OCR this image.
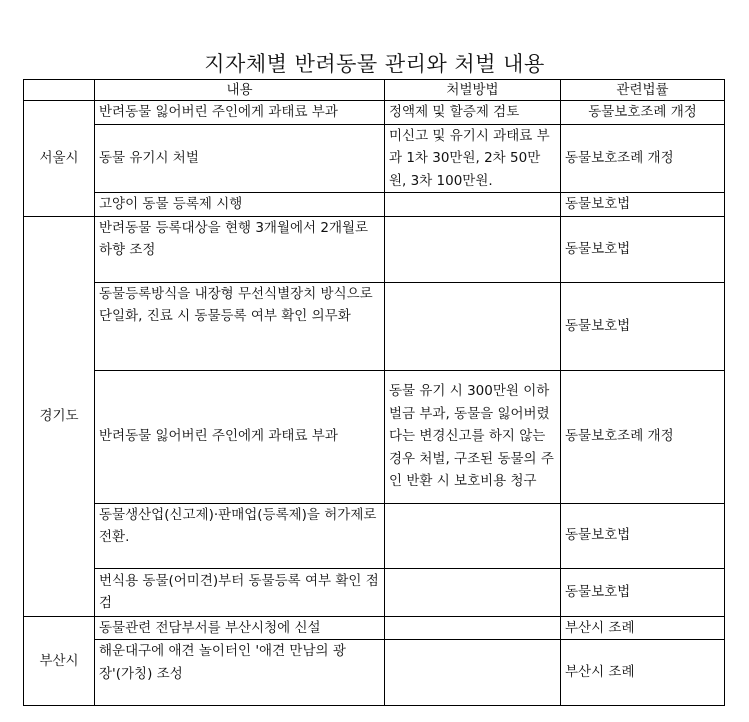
지자체별 반려동물 관리와 처벌 내용
	내용	처벌방법	관련법률
서울시	반려동물 잃어버린 주인에게 과태료 부과	정액제 및 할증제 검토	동물보호조례 개정
	동물 유기시 처벌	미신고 및 유기시 과태료 부과 1차 30만원, 2차 50만원, 3차 100만원.	동물보호조례 개정
	고양이 동물 등록제 시행		동물보호법
경기도	반려동물 등록대상을 현행 3개월에서 2개월로 하향 조정		동물보호법
	동물등록방식을 내장형 무선식별장치 방식으로 단일화, 진료 시 동물등록 여부 확인 의무화		동물보호법
	반려동물 잃어버린 주인에게 과태료 부과	동물 유기 시 300만원 이하 벌금 부과, 동물을 잃어버렸다는 변경신고를 하지 않는 경우 처벌, 구조된 동물의 주인 반환 시 보호비용 청구	동물보호조례 개정
	동물생산업(신고제)·판매업(등록제)을 허가제로 전환.		동물보호법
	번식용 동물(어미견)부터 동물등록 여부 확인 점검		동물보호법
부산시	동물관련 전담부서를 부산시청에 신설		부산시 조례
	해운대구에 애견 놀이터인 '애견 만남의 광장'(가칭) 조성		부산시 조례
